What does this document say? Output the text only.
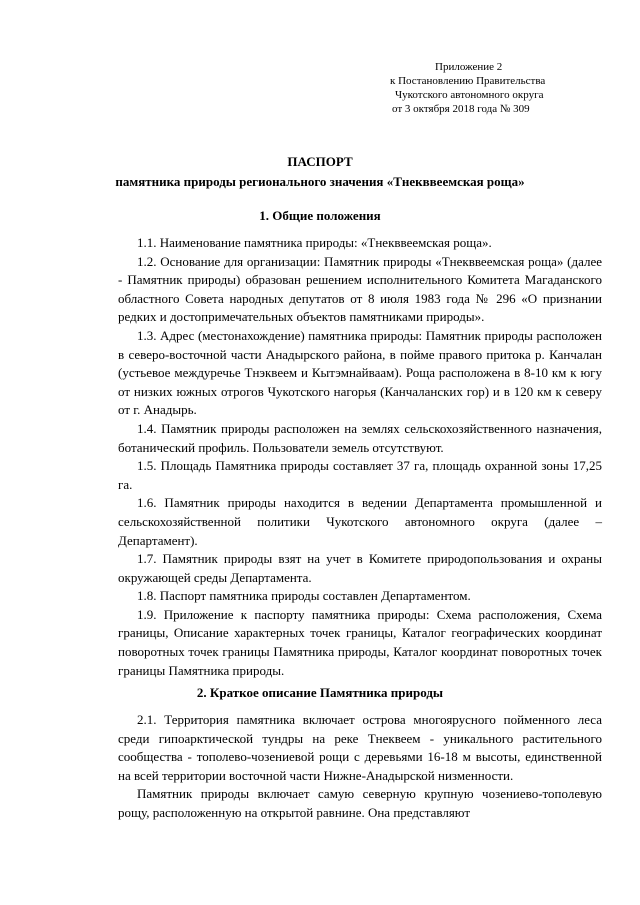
Приложение 2
к Постановлению Правительства
Чукотского автономного округа
от 3 октября 2018 года № 309
ПАСПОРТ
памятника природы регионального значения «Тнекввеемская роща»
1. Общие положения

1.1. Наименование памятника природы: «Тнекввеемская роща».

1.2. Основание для организации: Памятник природы «Тнекввеемская роща» (далее - Памятник природы) образован решением исполнительного Комитета Магаданского областного Совета народных депутатов от 8 июля 1983 года № 296 «О признании редких и достопримечательных объектов памятниками природы».

1.3. Адрес (местонахождение) памятника природы: Памятник природы расположен в северо-восточной части Анадырского района, в пойме правого притока р. Канчалан (устьевое междуречье Тнэквеем и Кытэмнайваам). Роща расположена в 8-10 км к югу от низких южных отрогов Чукотского нагорья (Канчаланских гор) и в 120 км к северу от г. Анадырь.

1.4. Памятник природы расположен на землях сельскохозяйственного назначения, ботанический профиль. Пользователи земель отсутствуют.

1.5. Площадь Памятника природы составляет 37 га, площадь охранной зоны 17,25 га.

1.6. Памятник природы находится в ведении Департамента промышленной и сельскохозяйственной политики Чукотского автономного округа (далее – Департамент).

1.7. Памятник природы взят на учет в Комитете природопользования и охраны окружающей среды Департамента.

1.8. Паспорт памятника природы составлен Департаментом.

1.9. Приложение к паспорту памятника природы: Схема расположения, Схема границы, Описание характерных точек границы, Каталог географических координат поворотных точек границы Памятника природы, Каталог координат поворотных точек границы Памятника природы.

2. Краткое описание Памятника природы

2.1. Территория памятника включает острова многоярусного пойменного леса среди гипоарктической тундры на реке Тнеквеем - уникального растительного сообщества - тополево-чозениевой рощи с деревьями 16-18 м высоты, единственной на всей территории восточной части Нижне-Анадырской низменности.

Памятник природы включает самую северную крупную чозениево-тополевую рощу, расположенную на открытой равнине. Она представляют
